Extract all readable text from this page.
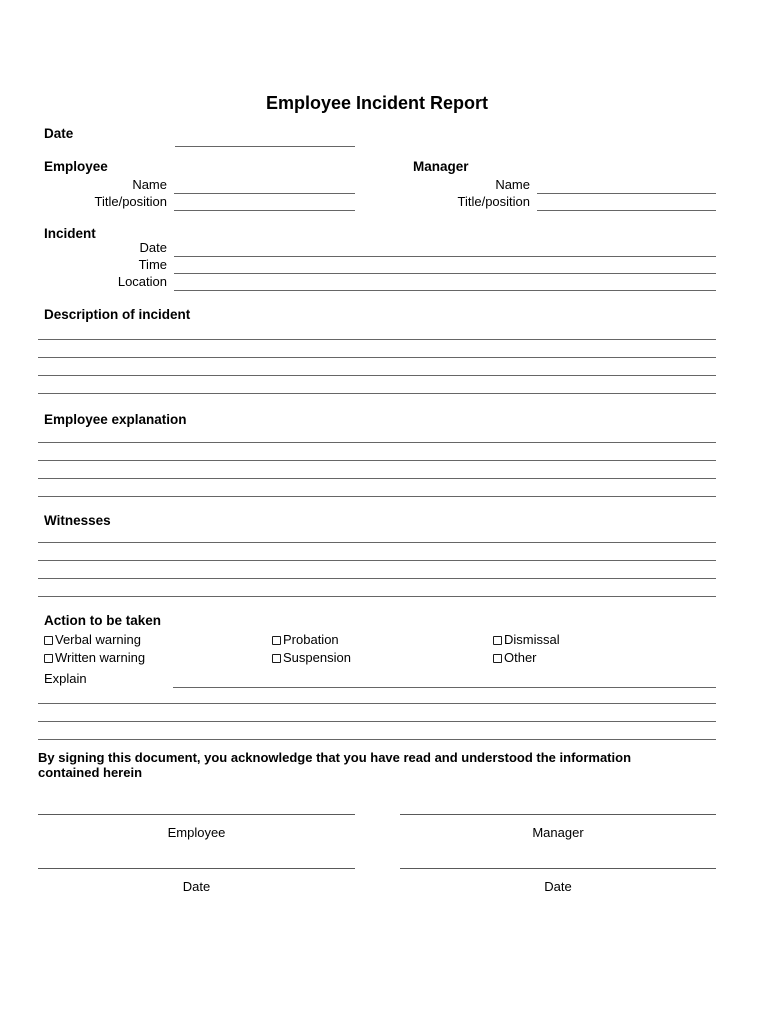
Employee Incident Report
Date
Employee
Name
Title/position
Manager
Name
Title/position
Incident
Date
Time
Location
Description of incident
Employee explanation
Witnesses
Action to be taken
Verbal warning	Probation	Dismissal
Written warning	Suspension	Other
Explain

By signing this document, you acknowledge that you have read and understood the information contained herein

Employee	Manager
Date	Date
